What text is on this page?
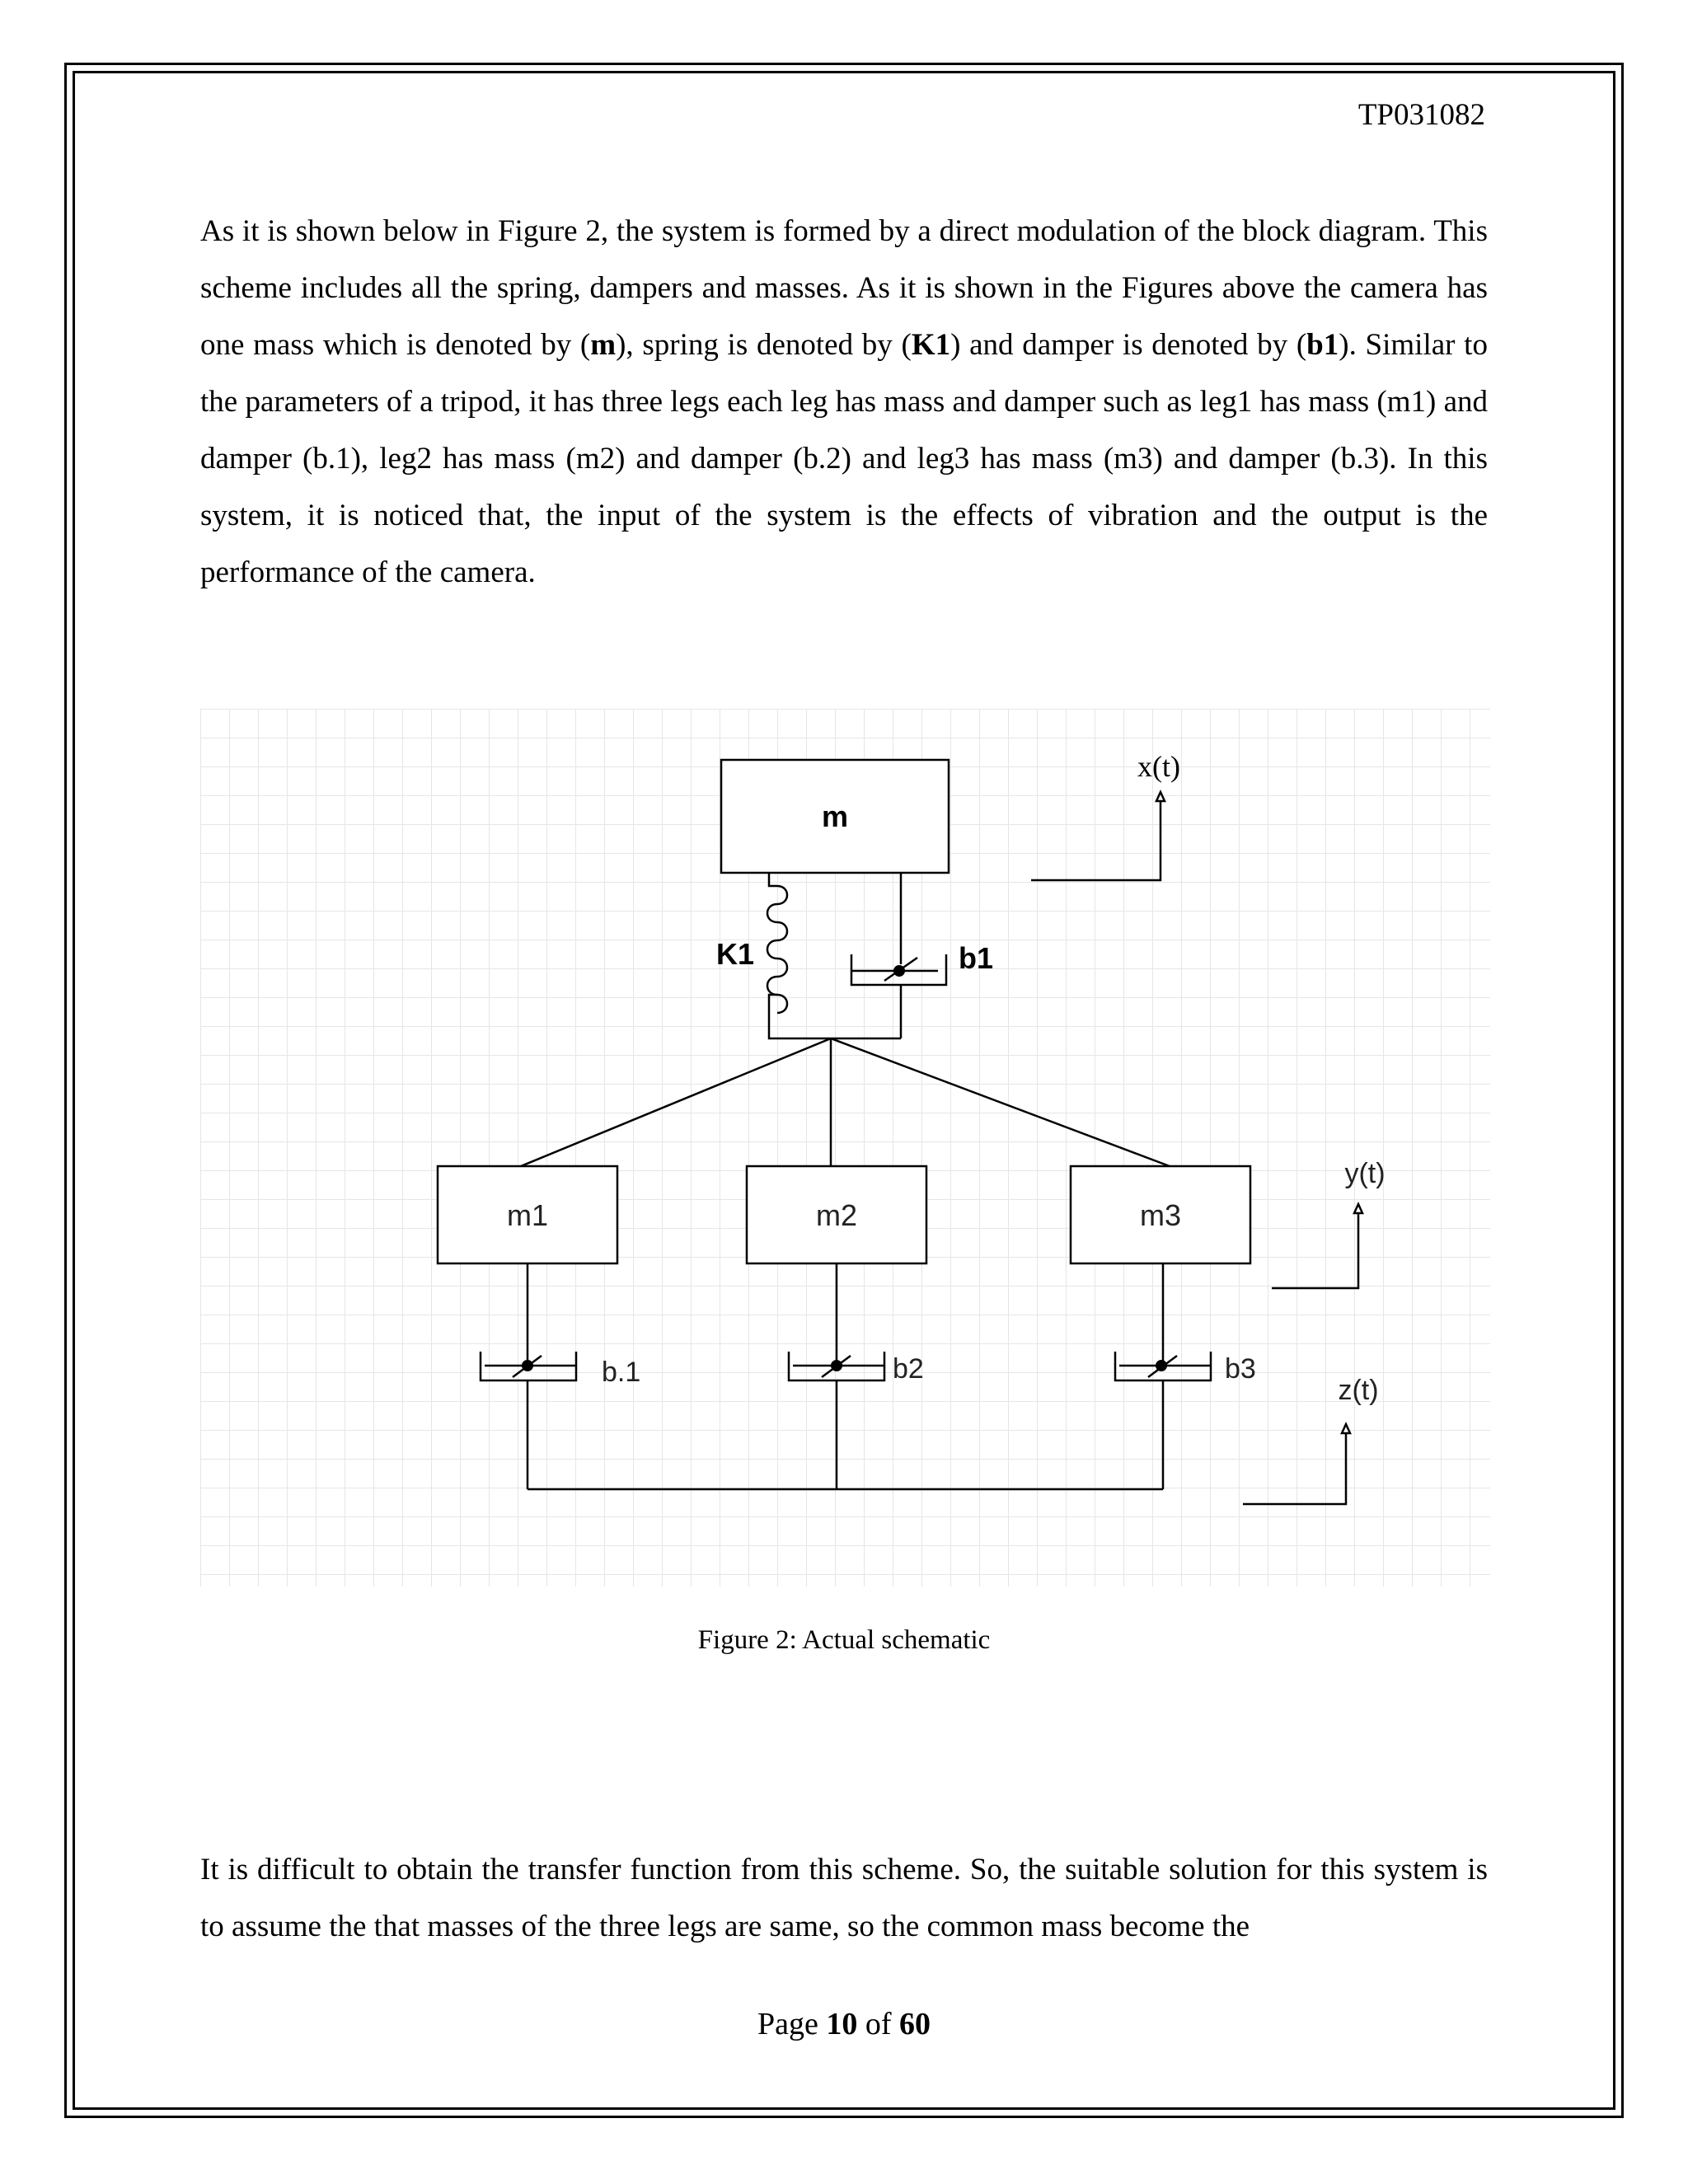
TP031082

As it is shown below in Figure 2, the system is formed by a direct modulation of the block diagram. This scheme includes all the spring, dampers and masses. As it is shown in the Figures above the camera has one mass which is denoted by (m), spring is denoted by (K1) and damper is denoted by (b1). Similar to the parameters of a tripod, it has three legs each leg has mass and damper such as leg1 has mass (m1) and damper (b.1), leg2 has mass (m2) and damper (b.2) and leg3 has mass (m3) and damper (b.3). In this system, it is noticed that, the input of the system is the effects of vibration and the output is the performance of the camera.

m
K1	b1
m1	m2	m3
b.1	b2	b3
x(t)
y(t)
z(t)
Figure 2: Actual schematic

It is difficult to obtain the transfer function from this scheme. So, the suitable solution for this system is to assume the that masses of the three legs are same, so the common mass become the

Page 10 of 60
